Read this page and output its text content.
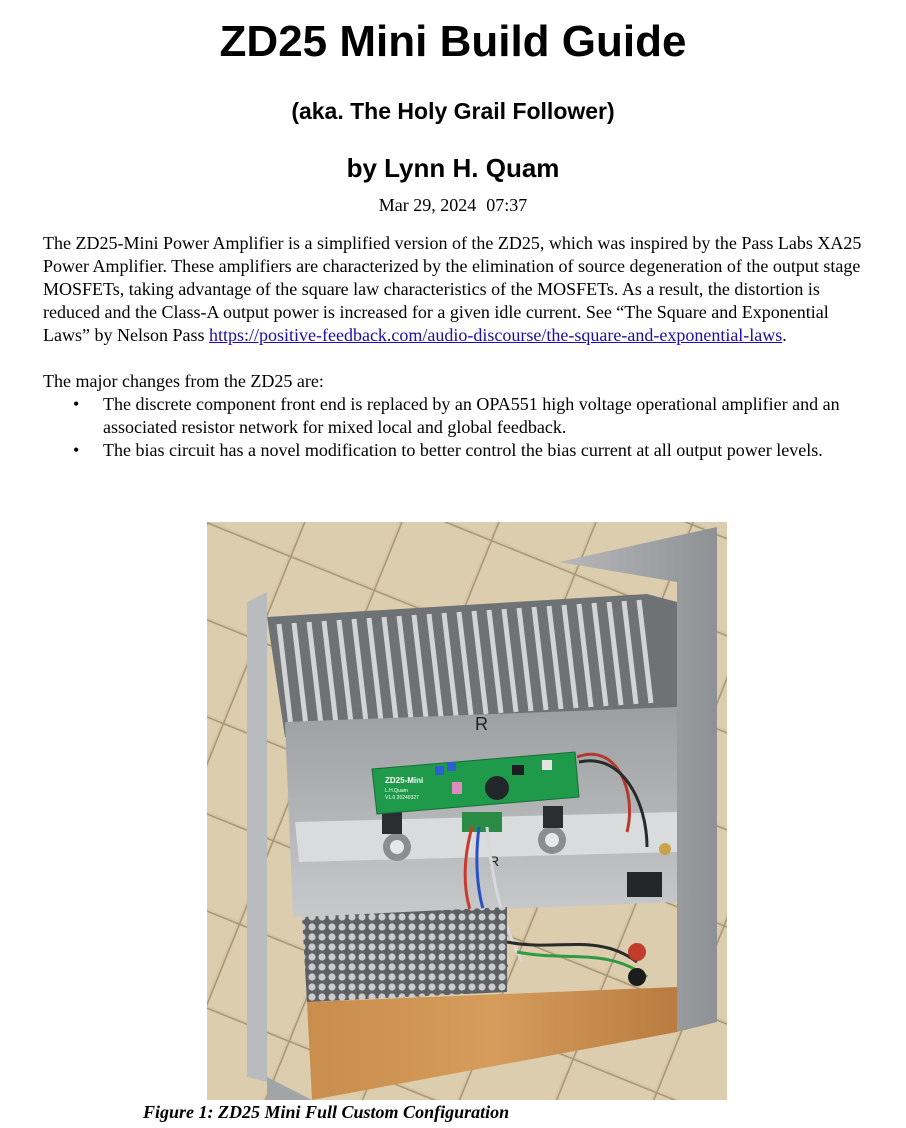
ZD25 Mini Build Guide
(aka. The Holy Grail Follower)
by Lynn H. Quam
Mar 29, 2024 07:37

The ZD25-Mini Power Amplifier is a simplified version of the ZD25, which was inspired by the Pass Labs XA25 Power Amplifier. These amplifiers are characterized by the elimination of source degeneration of the output stage MOSFETs, taking advantage of the square law characteristics of the MOSFETs. As a result, the distortion is reduced and the Class-A output power is increased for a given idle current. See “The Square and Exponential Laws” by Nelson Pass https://positive-feedback.com/audio-discourse/the-square-and-exponential-laws.

The major changes from the ZD25 are:

• The discrete component front end is replaced by an OPA551 high voltage operational amplifier and an associated resistor network for mixed local and global feedback.
• The bias circuit has a novel modification to better control the bias current at all output power levels.
R
R
ZD25-Mini
L.H.Quam
V1.0 20240327
Figure 1: ZD25 Mini Full Custom Configuration
